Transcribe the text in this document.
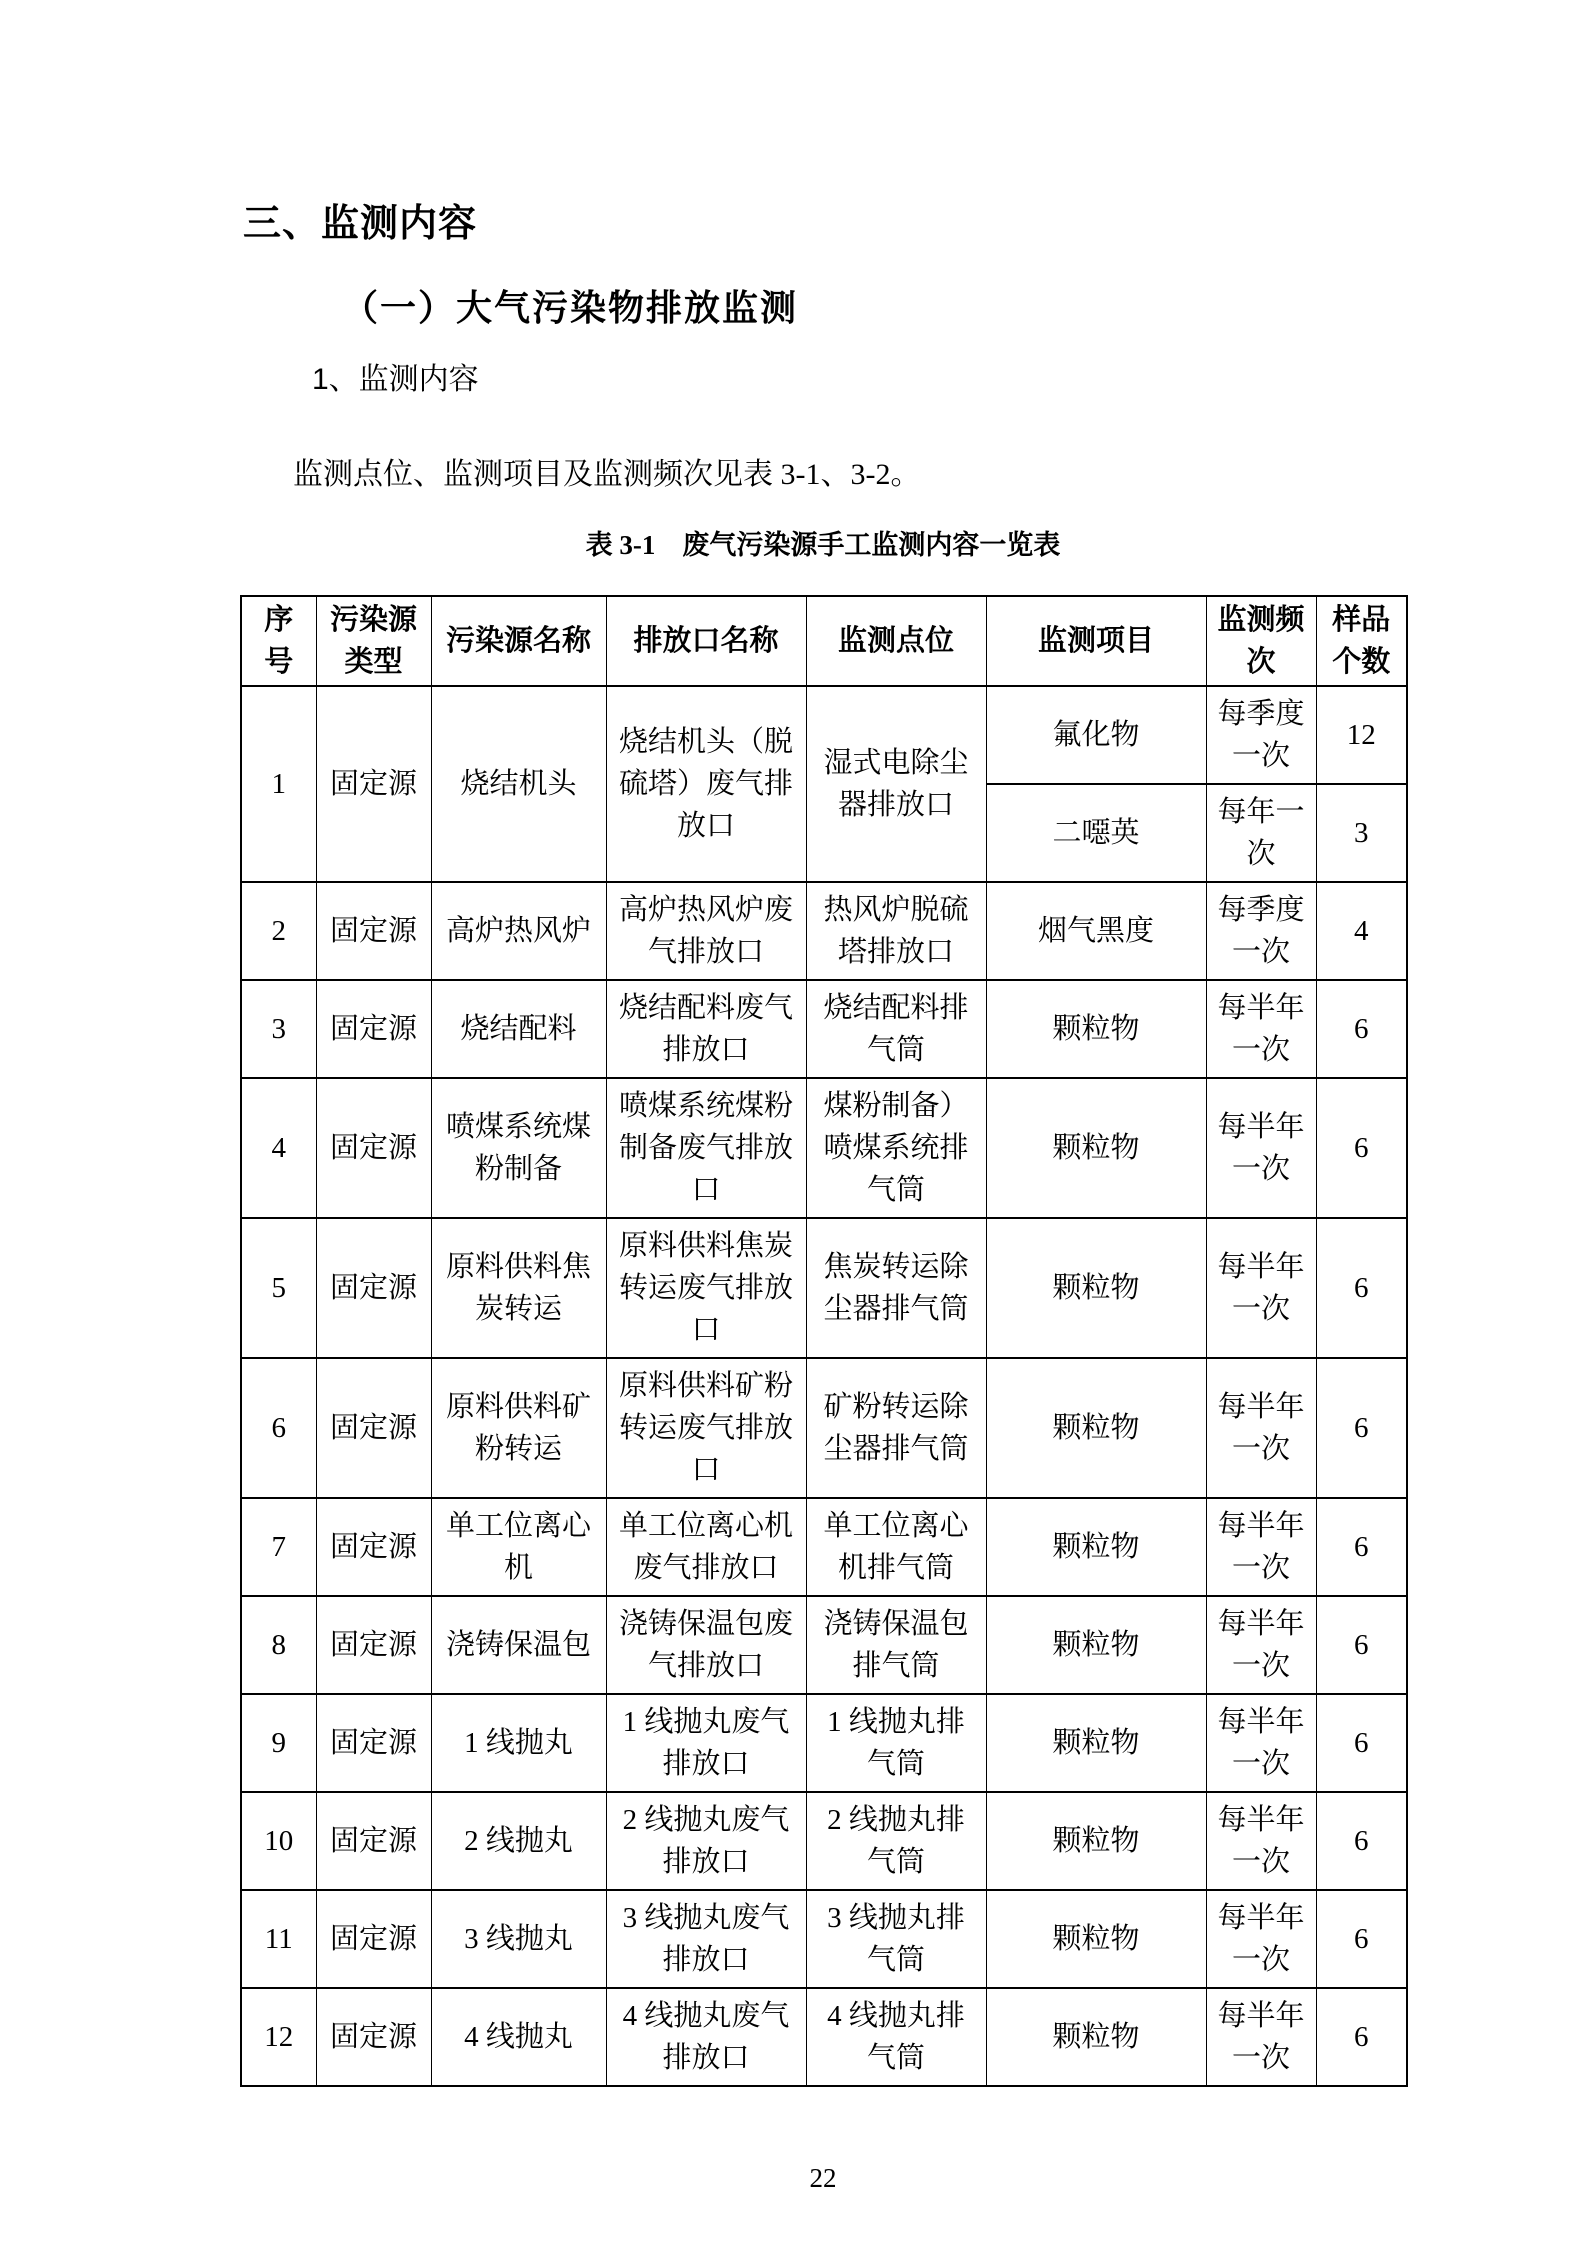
三、监测内容
（一）大气污染物排放监测
1、监测内容

监测点位、监测项目及监测频次见表 3-1、3-2。

表 3-1　废气污染源手工监测内容一览表

序号	污染源类型	污染源名称	排放口名称	监测点位	监测项目	监测频次	样品个数
1	固定源	烧结机头	烧结机头（脱硫塔）废气排放口	湿式电除尘器排放口	氟化物	每季度一次	12
					二噁英	每年一次	3
2	固定源	高炉热风炉	高炉热风炉废气排放口	热风炉脱硫塔排放口	烟气黑度	每季度一次	4
3	固定源	烧结配料	烧结配料废气排放口	烧结配料排气筒	颗粒物	每半年一次	6
4	固定源	喷煤系统煤粉制备	喷煤系统煤粉制备废气排放口	煤粉制备）喷煤系统排气筒	颗粒物	每半年一次	6
5	固定源	原料供料焦炭转运	原料供料焦炭转运废气排放口	焦炭转运除尘器排气筒	颗粒物	每半年一次	6
6	固定源	原料供料矿粉转运	原料供料矿粉转运废气排放口	矿粉转运除尘器排气筒	颗粒物	每半年一次	6
7	固定源	单工位离心机	单工位离心机废气排放口	单工位离心机排气筒	颗粒物	每半年一次	6
8	固定源	浇铸保温包	浇铸保温包废气排放口	浇铸保温包排气筒	颗粒物	每半年一次	6
9	固定源	1 线抛丸	1 线抛丸废气排放口	1 线抛丸排气筒	颗粒物	每半年一次	6
10	固定源	2 线抛丸	2 线抛丸废气排放口	2 线抛丸排气筒	颗粒物	每半年一次	6
11	固定源	3 线抛丸	3 线抛丸废气排放口	3 线抛丸排气筒	颗粒物	每半年一次	6
12	固定源	4 线抛丸	4 线抛丸废气排放口	4 线抛丸排气筒	颗粒物	每半年一次	6
22
